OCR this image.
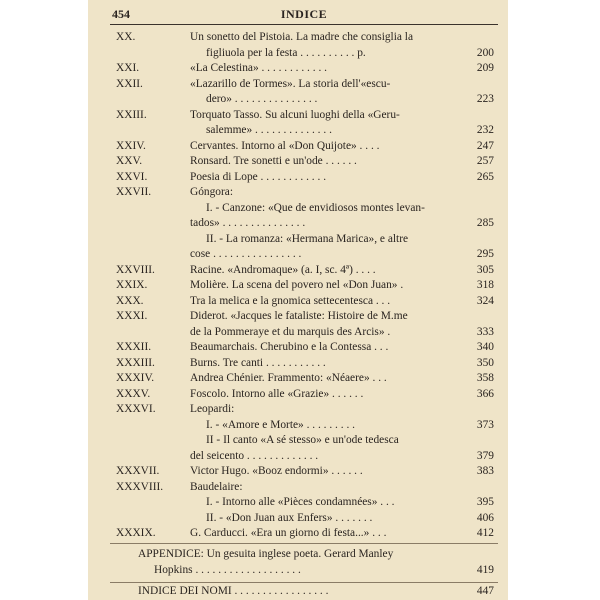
454	INDICE
XX.	Un sonetto del Pistoia. La madre che consiglia la
figliuola per la festa . . . . . . . . . . p.	200
XXI.	«La Celestina» . . . . . . . . . . . .	209
XXII.	«Lazarillo de Tormes». La storia dell'«escu-
dero» . . . . . . . . . . . . . . .	223
XXIII.	Torquato Tasso. Su alcuni luoghi della «Geru-
salemme» . . . . . . . . . . . . . .	232
XXIV.	Cervantes. Intorno al «Don Quijote» . . . .	247
XXV.	Ronsard. Tre sonetti e un'ode . . . . . .	257
XXVI.	Poesia di Lope . . . . . . . . . . . .	265
XXVII.	Góngora:
I. - Canzone: «Que de envidiosos montes levan-
tados» . . . . . . . . . . . . . . .	285
II. - La romanza: «Hermana Marica», e altre
cose . . . . . . . . . . . . . . . .	295
XXVIII.	Racine. «Andromaque» (a. I, sc. 4ª) . . . .	305
XXIX.	Molière. La scena del povero nel «Don Juan» .	318
XXX.	Tra la melica e la gnomica settecentesca . . .	324
XXXI.	Diderot. «Jacques le fataliste: Histoire de M.me
de la Pommeraye et du marquis des Arcis» .	333
XXXII.	Beaumarchais. Cherubino e la Contessa . . .	340
XXXIII.	Burns. Tre canti . . . . . . . . . . .	350
XXXIV.	Andrea Chénier. Frammento: «Néaere» . . .	358
XXXV.	Foscolo. Intorno alle «Grazie» . . . . . .	366
XXXVI.	Leopardi:
I. - «Amore e Morte» . . . . . . . . .	373
II - Il canto «A sé stesso» e un'ode tedesca
del seicento . . . . . . . . . . . . .	379
XXXVII.	Victor Hugo. «Booz endormi» . . . . . .	383
XXXVIII. Baudelaire:
I. - Intorno alle «Pièces condamnées» . . .	395
II. - «Don Juan aux Enfers» . . . . . . .	406
XXXIX.	G. Carducci. «Era un giorno di festa...» . . .	412
APPENDICE: Un gesuita inglese poeta. Gerard Manley
Hopkins . . . . . . . . . . . . . . . . . . .	419
INDICE DEI NOMI . . . . . . . . . . . . . . . . .	447
